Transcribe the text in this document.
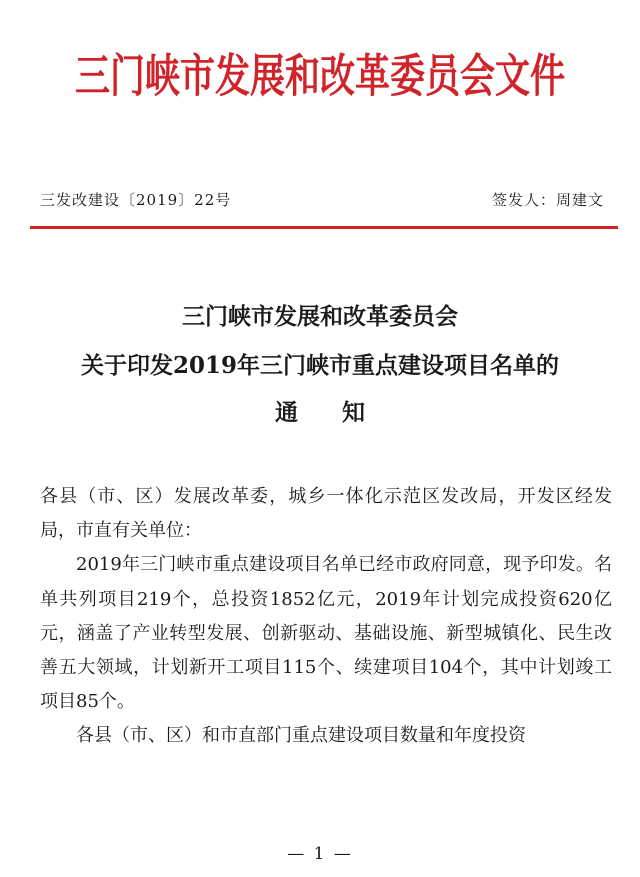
三门峡市发展和改革委员会文件
三发改建设〔2019〕22号	签发人：周建文
三门峡市发展和改革委员会
关于印发2019年三门峡市重点建设项目名单的
通知

各县（市、区）发展改革委，城乡一体化示范区发改局，开发区经发局，市直有关单位：

2019年三门峡市重点建设项目名单已经市政府同意，现予印发。名单共列项目219个，总投资1852亿元，2019年计划完成投资620亿元，涵盖了产业转型发展、创新驱动、基础设施、新型城镇化、民生改善五大领域，计划新开工项目115个、续建项目104个，其中计划竣工项目85个。

各县（市、区）和市直部门重点建设项目数量和年度投资

— 1 —
